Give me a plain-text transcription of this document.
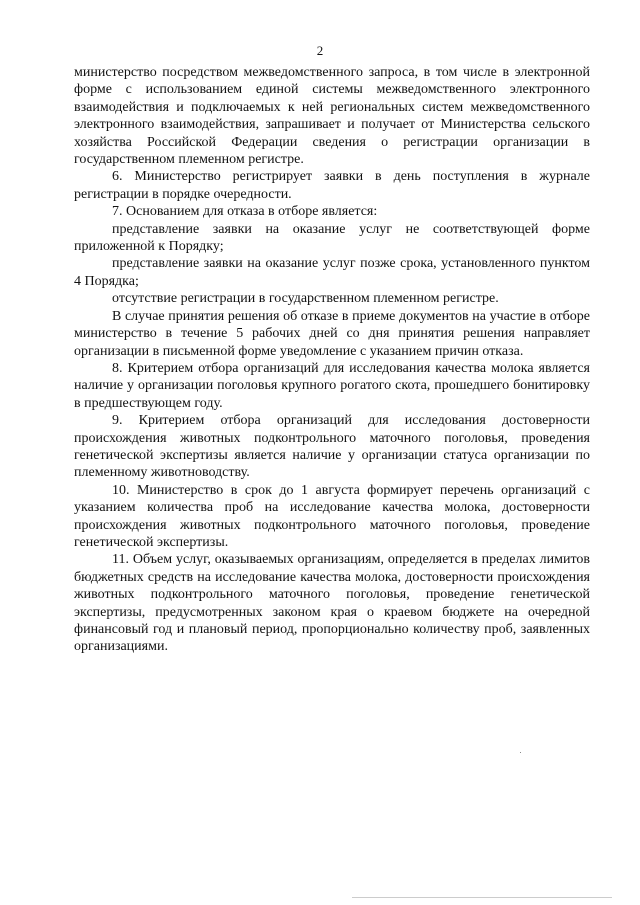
2

министерство посредством межведомственного запроса, в том числе в электронной форме с использованием единой системы межведомственного электронного взаимодействия и подключаемых к ней региональных систем межведомственного электронного взаимодействия, запрашивает и получает от Министерства сельского хозяйства Российской Федерации сведения о регистрации организации в государственном племенном регистре.

6. Министерство регистрирует заявки в день поступления в журнале регистрации в порядке очередности.

7. Основанием для отказа в отборе является:

представление заявки на оказание услуг не соответствующей форме приложенной к Порядку;

представление заявки на оказание услуг позже срока, установленного пунктом 4 Порядка;

отсутствие регистрации в государственном племенном регистре.

В случае принятия решения об отказе в приеме документов на участие в отборе министерство в течение 5 рабочих дней со дня принятия решения направляет организации в письменной форме уведомление с указанием причин отказа.

8. Критерием отбора организаций для исследования качества молока является наличие у организации поголовья крупного рогатого скота, прошедшего бонитировку в предшествующем году.

9. Критерием отбора организаций для исследования достоверности происхождения животных подконтрольного маточного поголовья, проведения генетической экспертизы является наличие у организации статуса организации по племенному животноводству.

10. Министерство в срок до 1 августа формирует перечень организаций с указанием количества проб на исследование качества молока, достоверности происхождения животных подконтрольного маточного поголовья, проведение генетической экспертизы.

11. Объем услуг, оказываемых организациям, определяется в пределах лимитов бюджетных средств на исследование качества молока, достоверности происхождения животных подконтрольного маточного поголовья, проведение генетической экспертизы, предусмотренных законом края о краевом бюджете на очередной финансовый год и плановый период, пропорционально количеству проб, заявленных организациями.
